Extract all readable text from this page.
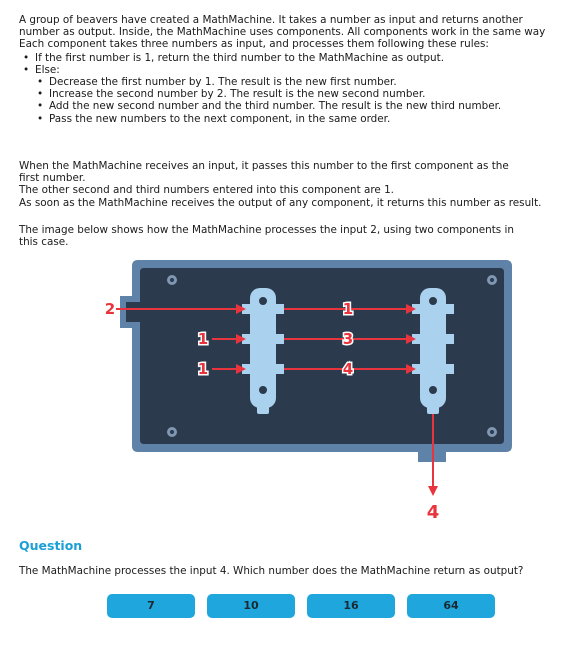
A group of beavers have created a MathMachine. It takes a number as input and returns another

number as output. Inside, the MathMachine uses components. All components work in the same way

Each component takes three numbers as input, and processes them following these rules:

• If the first number is 1, return the third number to the MathMachine as output.
• Else:
• Decrease the first number by 1. The result is the new first number.
• Increase the second number by 2. The result is the new second number.
• Add the new second number and the third number. The result is the new third number.
• Pass the new numbers to the next component, in the same order.

When the MathMachine receives an input, it passes this number to the first component as the

first number.

The other second and third numbers entered into this component are 1.

As soon as the MathMachine receives the output of any component, it returns this number as result.

The image below shows how the MathMachine processes the input 2, using two components in

this case.

2
1
1
1
3
4
4
Question
The MathMachine processes the input 4. Which number does the MathMachine return as output?
7	10	16	64
